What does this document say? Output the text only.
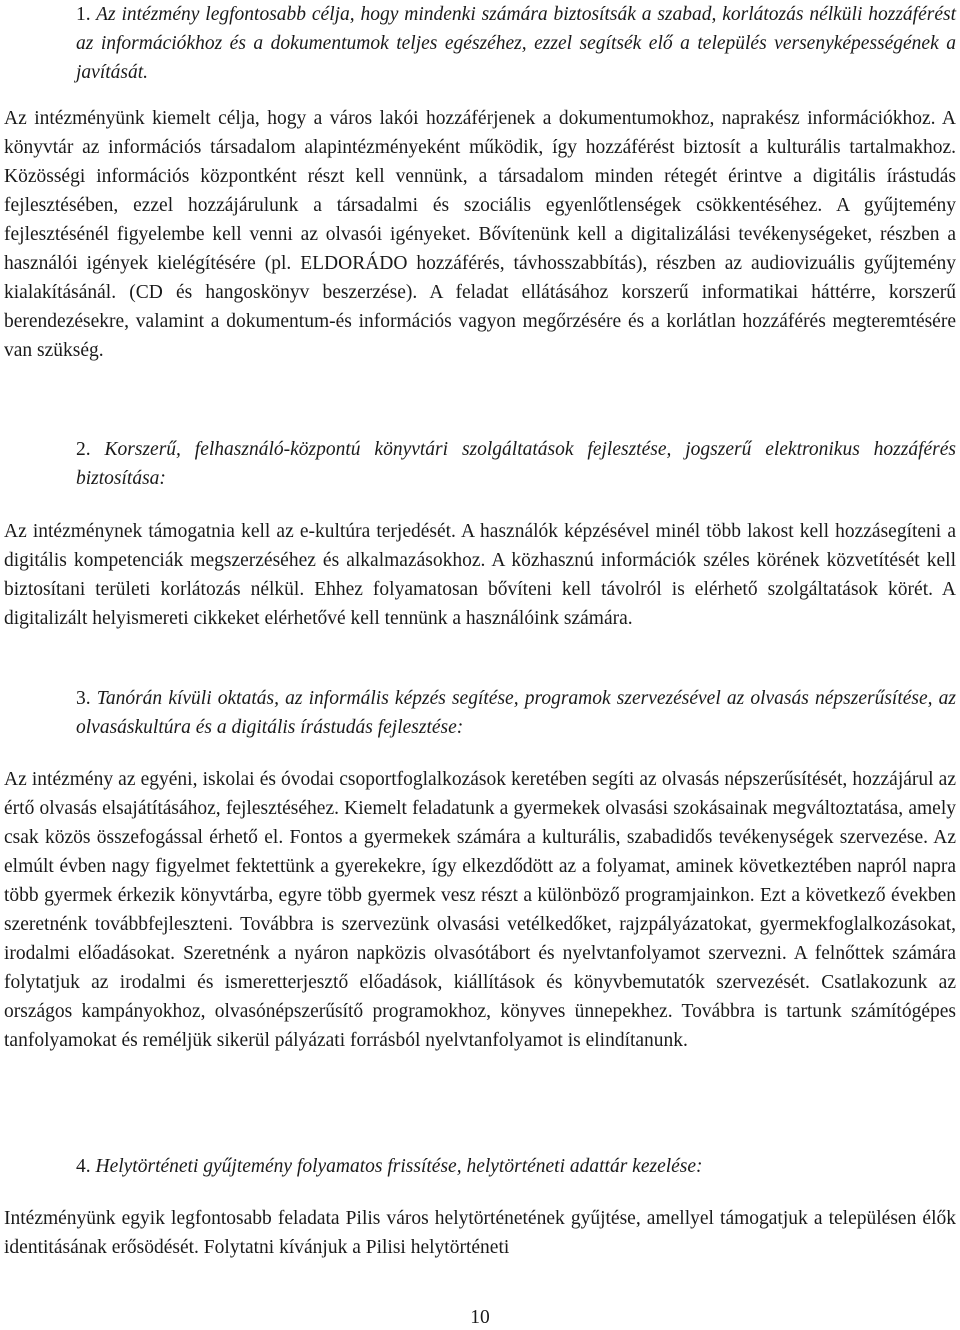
1. Az intézmény legfontosabb célja, hogy mindenki számára biztosítsák a szabad, korlátozás nélküli hozzáférést az információkhoz és a dokumentumok teljes egészéhez, ezzel segítsék elő a település versenyképességének a javítását.

Az intézményünk kiemelt célja, hogy a város lakói hozzáférjenek a dokumentumokhoz, naprakész információkhoz. A könyvtár az információs társadalom alapintézményeként működik, így hozzáférést biztosít a kulturális tartalmakhoz. Közösségi információs központként részt kell vennünk, a társadalom minden rétegét érintve a digitális írástudás fejlesztésében, ezzel hozzájárulunk a társadalmi és szociális egyenlőtlenségek csökkentéséhez. A gyűjtemény fejlesztésénél figyelembe kell venni az olvasói igényeket. Bővítenünk kell a digitalizálási tevékenységeket, részben a használói igények kielégítésére (pl. ELDORÁDO hozzáférés, távhosszabbítás), részben az audiovizuális gyűjtemény kialakításánál. (CD és hangoskönyv beszerzése). A feladat ellátásához korszerű informatikai háttérre, korszerű berendezésekre, valamint a dokumentum-és információs vagyon megőrzésére és a korlátlan hozzáférés megteremtésére van szükség.

2. Korszerű, felhasználó-központú könyvtári szolgáltatások fejlesztése, jogszerű elektronikus hozzáférés biztosítása:

Az intézménynek támogatnia kell az e-kultúra terjedését. A használók képzésével minél több lakost kell hozzásegíteni a digitális kompetenciák megszerzéséhez és alkalmazásokhoz. A közhasznú információk széles körének közvetítését kell biztosítani területi korlátozás nélkül. Ehhez folyamatosan bővíteni kell távolról is elérhető szolgáltatások körét. A digitalizált helyismereti cikkeket elérhetővé kell tennünk a használóink számára.

3. Tanórán kívüli oktatás, az informális képzés segítése, programok szervezésével az olvasás népszerűsítése, az olvasáskultúra és a digitális írástudás fejlesztése:

Az intézmény az egyéni, iskolai és óvodai csoportfoglalkozások keretében segíti az olvasás népszerűsítését, hozzájárul az értő olvasás elsajátításához, fejlesztéséhez. Kiemelt feladatunk a gyermekek olvasási szokásainak megváltoztatása, amely csak közös összefogással érhető el. Fontos a gyermekek számára a kulturális, szabadidős tevékenységek szervezése. Az elmúlt évben nagy figyelmet fektettünk a gyerekekre, így elkezdődött az a folyamat, aminek következtében napról napra több gyermek érkezik könyvtárba, egyre több gyermek vesz részt a különböző programjainkon. Ezt a következő években szeretnénk továbbfejleszteni. Továbbra is szervezünk olvasási vetélkedőket, rajzpályázatokat, gyermekfoglalkozásokat, irodalmi előadásokat. Szeretnénk a nyáron napközis olvasótábort és nyelvtanfolyamot szervezni. A felnőttek számára folytatjuk az irodalmi és ismeretterjesztő előadások, kiállítások és könyvbemutatók szervezését. Csatlakozunk az országos kampányokhoz, olvasónépszerűsítő programokhoz, könyves ünnepekhez. Továbbra is tartunk számítógépes tanfolyamokat és reméljük sikerül pályázati forrásból nyelvtanfolyamot is elindítanunk.

4. Helytörténeti gyűjtemény folyamatos frissítése, helytörténeti adattár kezelése:

Intézményünk egyik legfontosabb feladata Pilis város helytörténetének gyűjtése, amellyel támogatjuk a településen élők identitásának erősödését. Folytatni kívánjuk a Pilisi helytörténeti

10
